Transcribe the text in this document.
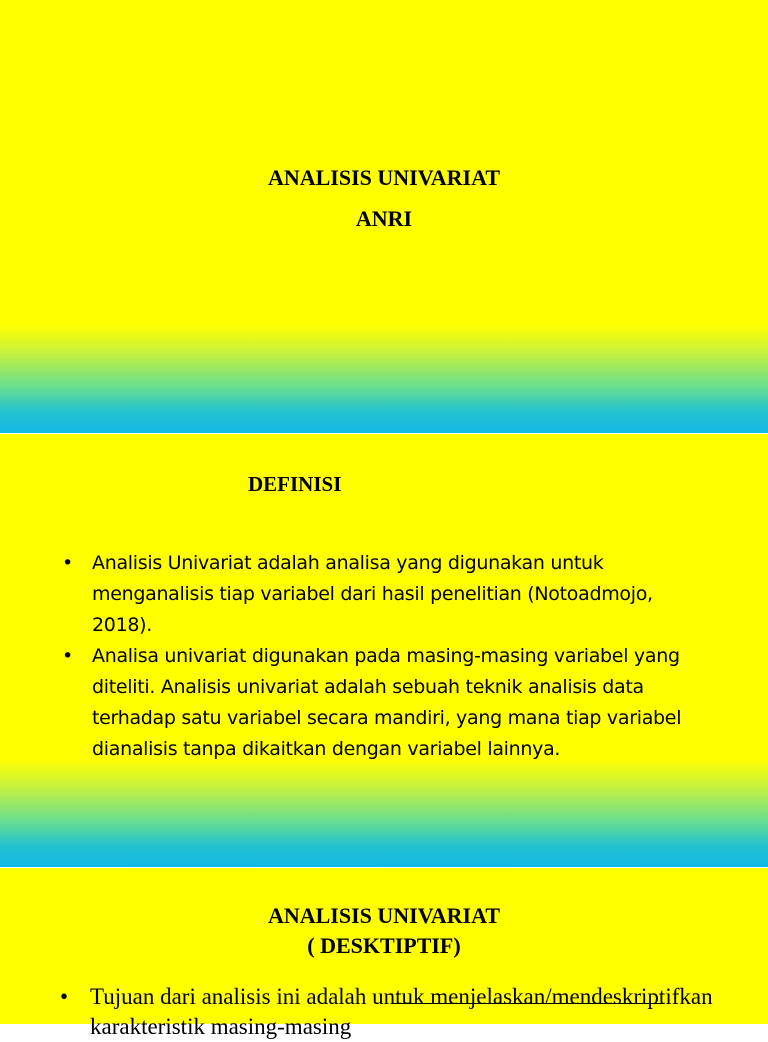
ANALISIS UNIVARIAT
ANRI
DEFINISI
• Analisis Univariat adalah analisa yang digunakan untuk menganalisis tiap variabel dari hasil penelitian (Notoadmojo, 2018).
• Analisa univariat digunakan pada masing-masing variabel yang diteliti. Analisis univariat adalah sebuah teknik analisis data terhadap satu variabel secara mandiri, yang mana tiap variabel dianalisis tanpa dikaitkan dengan variabel lainnya.
ANALISIS UNIVARIAT
( DESKTIPTIF)
• Tujuan dari analisis ini adalah untuk menjelaskan/mendeskriptifkan karakteristik masing-masing
